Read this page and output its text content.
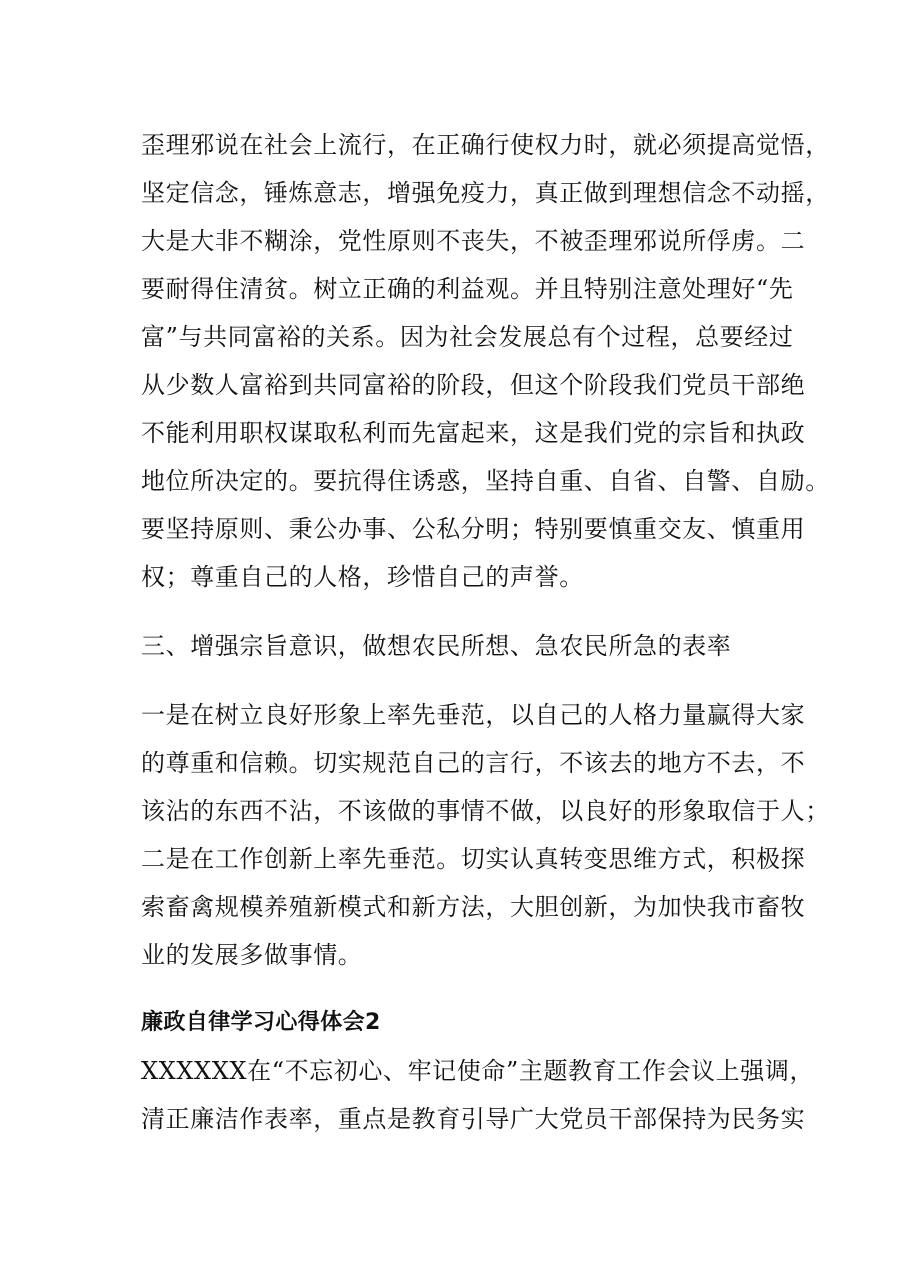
歪理邪说在社会上流行，在正确行使权力时，就必须提高觉悟，
坚定信念，锤炼意志，增强免疫力，真正做到理想信念不动摇，
大是大非不糊涂，党性原则不丧失，不被歪理邪说所俘虏。二
要耐得住清贫。树立正确的利益观。并且特别注意处理好“先
富”与共同富裕的关系。因为社会发展总有个过程，总要经过
从少数人富裕到共同富裕的阶段，但这个阶段我们党员干部绝
不能利用职权谋取私利而先富起来，这是我们党的宗旨和执政
地位所决定的。要抗得住诱惑，坚持自重、自省、自警、自励。
要坚持原则、秉公办事、公私分明；特别要慎重交友、慎重用
权；尊重自己的人格，珍惜自己的声誉。
三、增强宗旨意识，做想农民所想、急农民所急的表率
一是在树立良好形象上率先垂范，以自己的人格力量赢得大家
的尊重和信赖。切实规范自己的言行，不该去的地方不去，不
该沾的东西不沾，不该做的事情不做，以良好的形象取信于人；
二是在工作创新上率先垂范。切实认真转变思维方式，积极探
索畜禽规模养殖新模式和新方法，大胆创新，为加快我市畜牧
业的发展多做事情。
廉政自律学习心得体会2
XXXXXX在“不忘初心、牢记使命”主题教育工作会议上强调，
清正廉洁作表率，重点是教育引导广大党员干部保持为民务实
